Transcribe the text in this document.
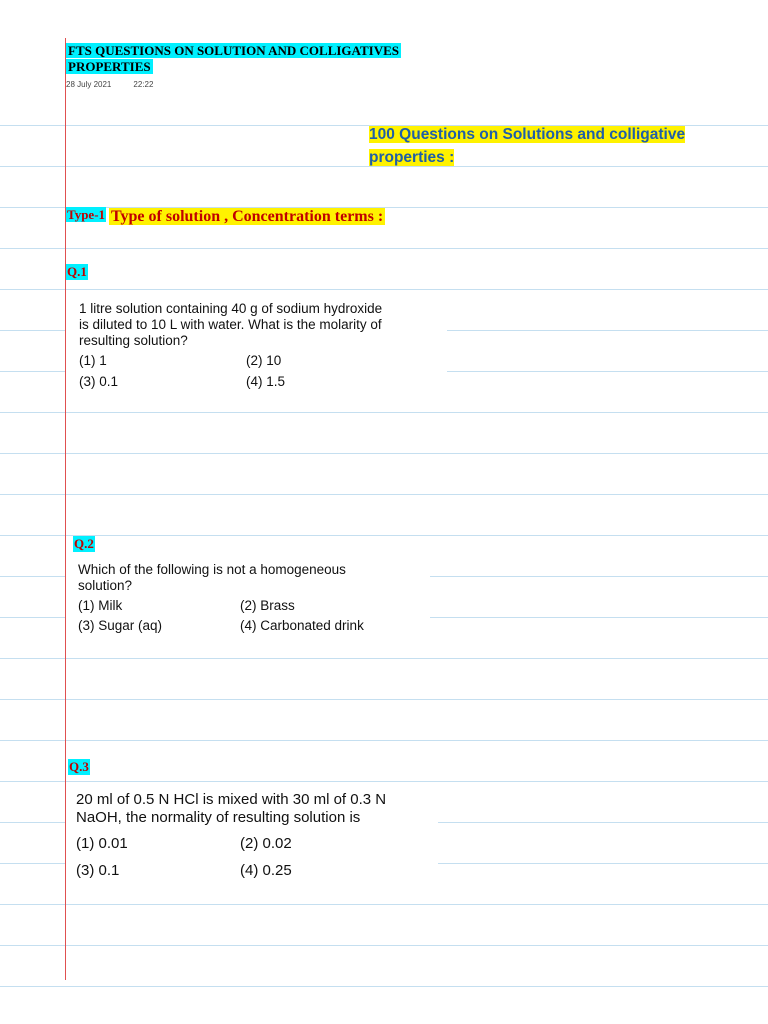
FTS QUESTIONS ON SOLUTION AND COLLIGATIVES
PROPERTIES
28 July 2021	22:22
100 Questions on Solutions and colligative
properties :
Type-1 Type of solution , Concentration terms :
Q.1
1 litre solution containing 40 g of sodium hydroxide
is diluted to 10 L with water. What is the molarity of
resulting solution?
(1) 1	(2) 10
(3) 0.1	(4) 1.5
Q.2
Which of the following is not a homogeneous
solution?
(1) Milk	(2) Brass
(3) Sugar (aq)	(4) Carbonated drink
Q.3
20 ml of 0.5 N HCl is mixed with 30 ml of 0.3 N
NaOH, the normality of resulting solution is
(1) 0.01	(2) 0.02
(3) 0.1	(4) 0.25
